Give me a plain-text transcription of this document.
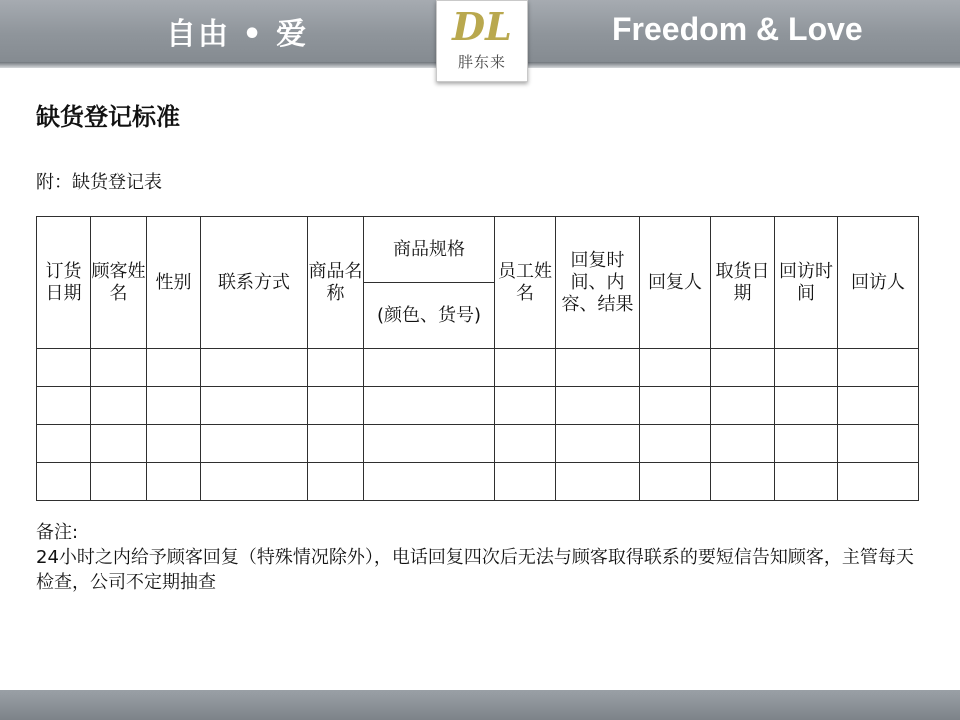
自由 • 爱	Freedom & Love
DL
胖东来
缺货登记标准
附：缺货登记表
订货日期	顾客姓名	性别	联系方式	商品名称	商品规格	员工姓名	回复时间、内容、结果	回复人	取货日期	回访时间	回访人
					(颜色、货号)						

备注:
24小时之内给予顾客回复（特殊情况除外），电话回复四次后无法与顾客取得联系的要短信告知顾客，主管每天检查，公司不定期抽查
